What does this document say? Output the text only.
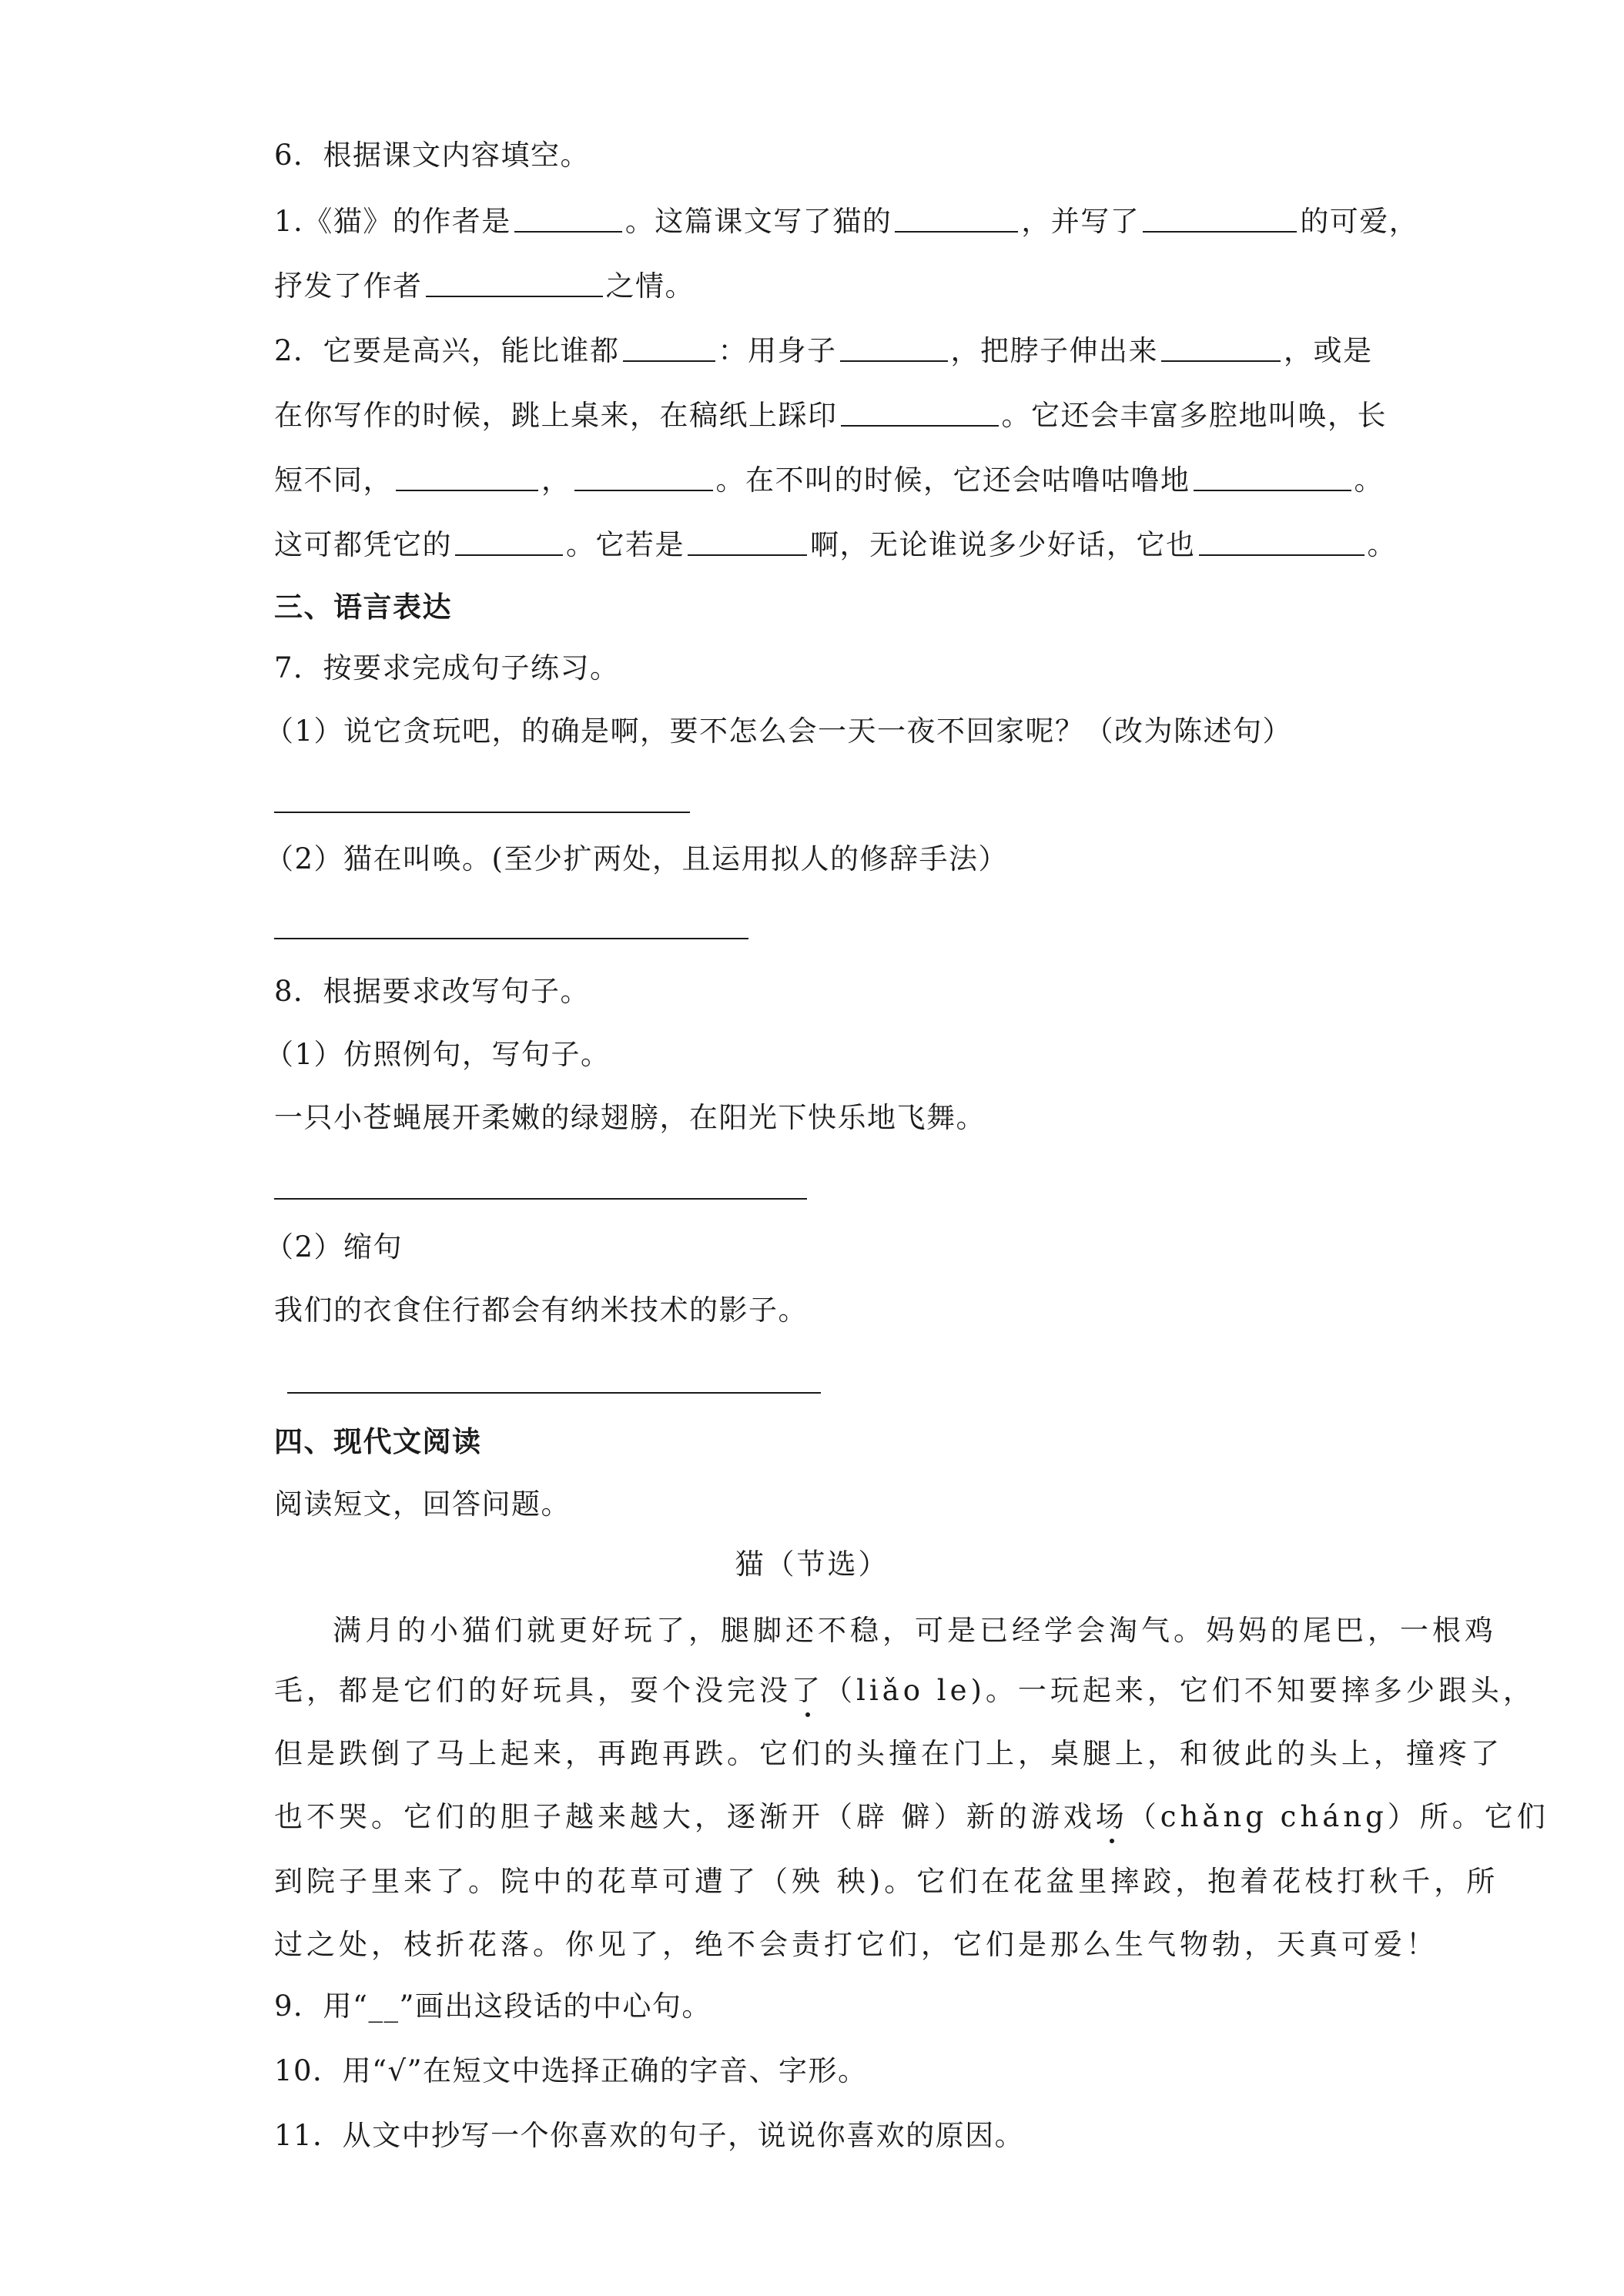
6．根据课文内容填空。
1.《猫》的作者是	。这篇课文写了猫的	，并写了	的可爱，
抒发了作者	之情。
2．它要是高兴，能比谁都	：用身子	，把脖子伸出来	，或是
在你写作的时候，跳上桌来，在稿纸上踩印	。它还会丰富多腔地叫唤，长
短不同，	，	。在不叫的时候，它还会咕噜咕噜地	。
这可都凭它的	。它若是	啊，无论谁说多少好话，它也	。
三、语言表达
7．按要求完成句子练习。
（1）说它贪玩吧，的确是啊，要不怎么会一天一夜不回家呢？（改为陈述句）
（2）猫在叫唤。(至少扩两处，且运用拟人的修辞手法）
8．根据要求改写句子。
（1）仿照例句，写句子。
一只小苍蝇展开柔嫩的绿翅膀，在阳光下快乐地飞舞。
（2）缩句
我们的衣食住行都会有纳米技术的影子。
四、现代文阅读
阅读短文，回答问题。
猫（节选）
满月的小猫们就更好玩了，腿脚还不稳，可是已经学会淘气。妈妈的尾巴，一根鸡
毛，都是它们的好玩具，耍个没完没了（liǎo le)。一玩起来，它们不知要摔多少跟头，
但是跌倒了马上起来，再跑再跌。它们的头撞在门上，桌腿上，和彼此的头上，撞疼了
也不哭。它们的胆子越来越大，逐渐开（辟 僻）新的游戏场（chǎng cháng）所。它们
到院子里来了。院中的花草可遭了（殃 秧)。它们在花盆里摔跤，抱着花枝打秋千，所
过之处，枝折花落。你见了，绝不会责打它们，它们是那么生气物勃，天真可爱！
9．用“__”画出这段话的中心句。
10．用“√”在短文中选择正确的字音、字形。
11．从文中抄写一个你喜欢的句子，说说你喜欢的原因。
